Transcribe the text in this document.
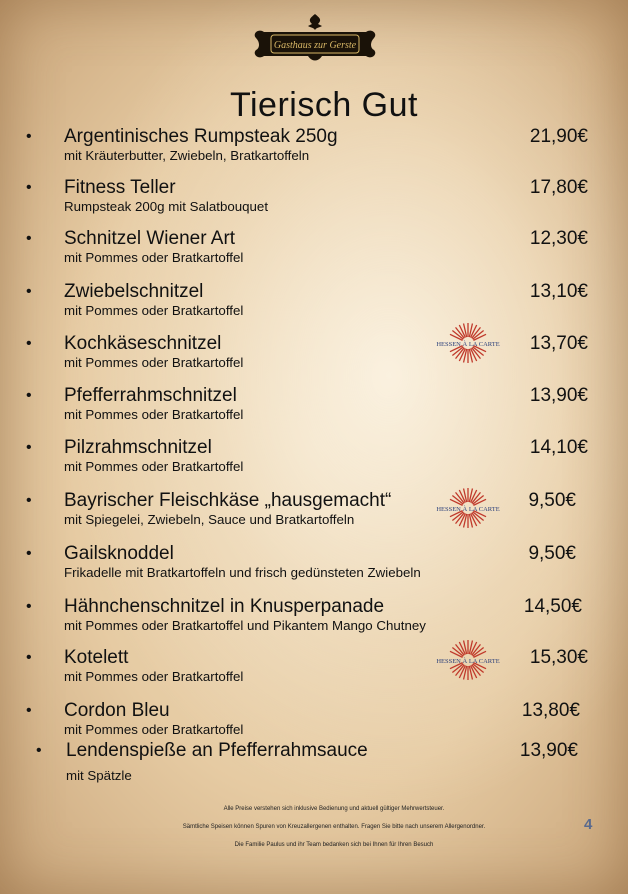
Gasthaus zur Gerste
Tierisch Gut
• Argentinisches Rumpsteak 250g
mit Kräuterbutter, Zwiebeln, Bratkartoffeln
21,90€
• Fitness Teller
Rumpsteak 200g mit Salatbouquet
17,80€
• Schnitzel Wiener Art
mit Pommes oder Bratkartoffel
12,30€
• Zwiebelschnitzel
mit Pommes oder Bratkartoffel
13,10€
• Kochkäseschnitzel
mit Pommes oder Bratkartoffel
13,70€
• Pfefferrahmschnitzel
mit Pommes oder Bratkartoffel
13,90€
• Pilzrahmschnitzel
mit Pommes oder Bratkartoffel
14,10€
• Bayrischer Fleischkäse „hausgemacht“
mit Spiegelei, Zwiebeln, Sauce und Bratkartoffeln
9,50€
• Gailsknoddel
Frikadelle mit Bratkartoffeln und frisch gedünsteten Zwiebeln
9,50€
• Hähnchenschnitzel in Knusperpanade
mit Pommes oder Bratkartoffel und Pikantem Mango Chutney
14,50€
• Kotelett
mit Pommes oder Bratkartoffel
15,30€
• Cordon Bleu
mit Pommes oder Bratkartoffel
13,80€
• Lendenspieße an Pfefferrahmsauce
mit Spätzle
13,90€
Alle Preise verstehen sich inklusive Bedienung und aktuell gültiger Mehrwertsteuer.
Sämtliche Speisen können Spuren von Kreuzallergenen enthalten. Fragen Sie bitte nach unserem Allergenordner.
Die Familie Paulus und ihr Team bedanken sich bei Ihnen für Ihren Besuch
4
HESSEN À LA CARTE
HESSEN À LA CARTE
HESSEN À LA CARTE
